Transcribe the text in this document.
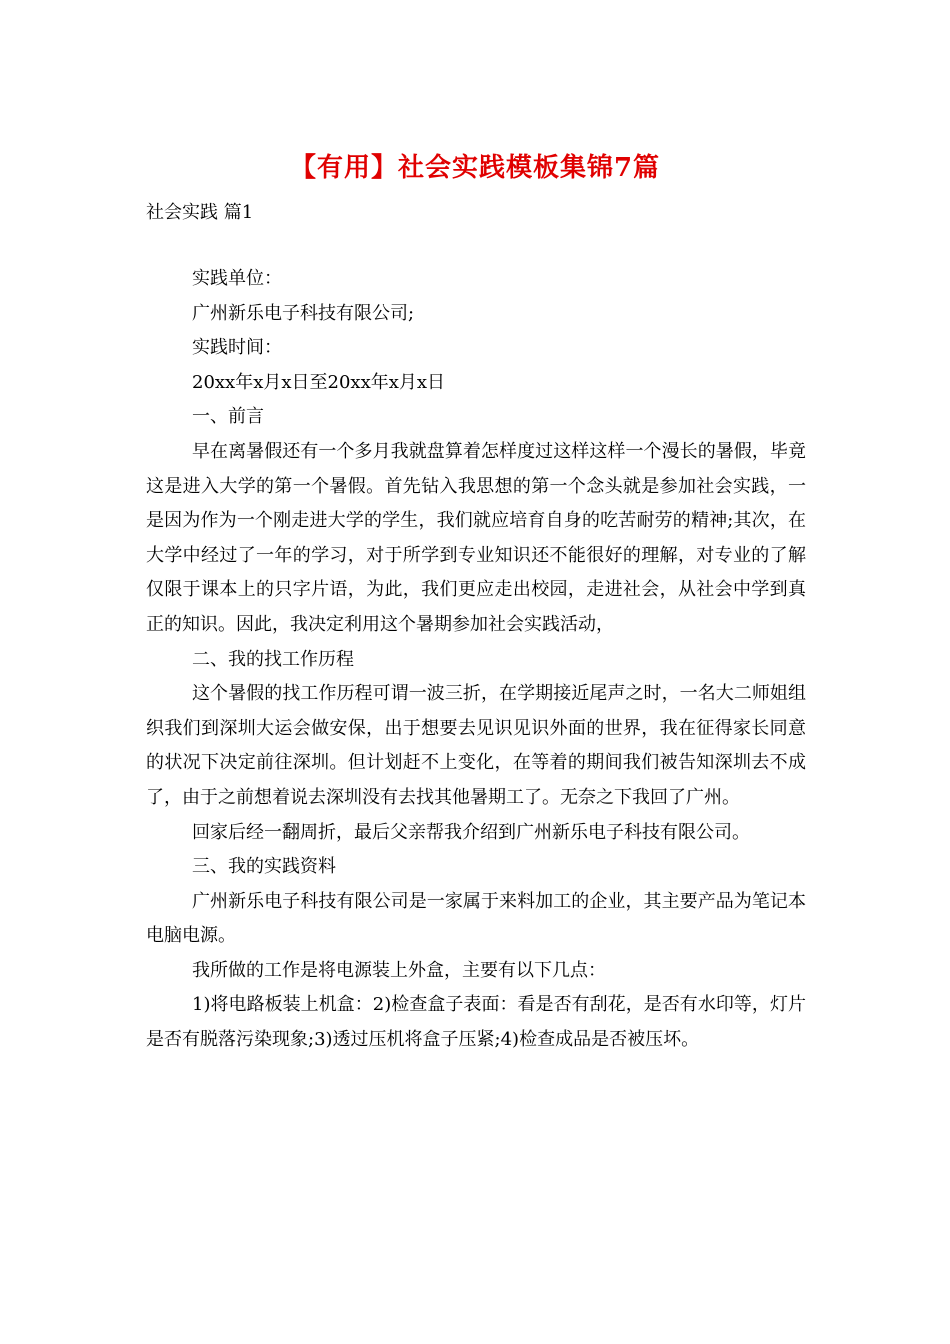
【有用】社会实践模板集锦7篇
社会实践 篇1

实践单位：

广州新乐电子科技有限公司;

实践时间：

20xx年x月x日至20xx年x月x日

一、前言

早在离暑假还有一个多月我就盘算着怎样度过这样这样一个漫长的暑假，毕竟这是进入大学的第一个暑假。首先钻入我思想的第一个念头就是参加社会实践，一是因为作为一个刚走进大学的学生，我们就应培育自身的吃苦耐劳的精神;其次，在大学中经过了一年的学习，对于所学到专业知识还不能很好的理解，对专业的了解仅限于课本上的只字片语，为此，我们更应走出校园，走进社会，从社会中学到真正的知识。因此，我决定利用这个暑期参加社会实践活动，

二、我的找工作历程

这个暑假的找工作历程可谓一波三折，在学期接近尾声之时，一名大二师姐组织我们到深圳大运会做安保，出于想要去见识见识外面的世界，我在征得家长同意的状况下决定前往深圳。但计划赶不上变化，在等着的期间我们被告知深圳去不成了，由于之前想着说去深圳没有去找其他暑期工了。无奈之下我回了广州。

回家后经一翻周折，最后父亲帮我介绍到广州新乐电子科技有限公司。

三、我的实践资料

广州新乐电子科技有限公司是一家属于来料加工的企业，其主要产品为笔记本电脑电源。

我所做的工作是将电源装上外盒，主要有以下几点：

1)将电路板装上机盒：2)检查盒子表面：看是否有刮花，是否有水印等，灯片是否有脱落污染现象;3)透过压机将盒子压紧;4)检查成品是否被压坏。
